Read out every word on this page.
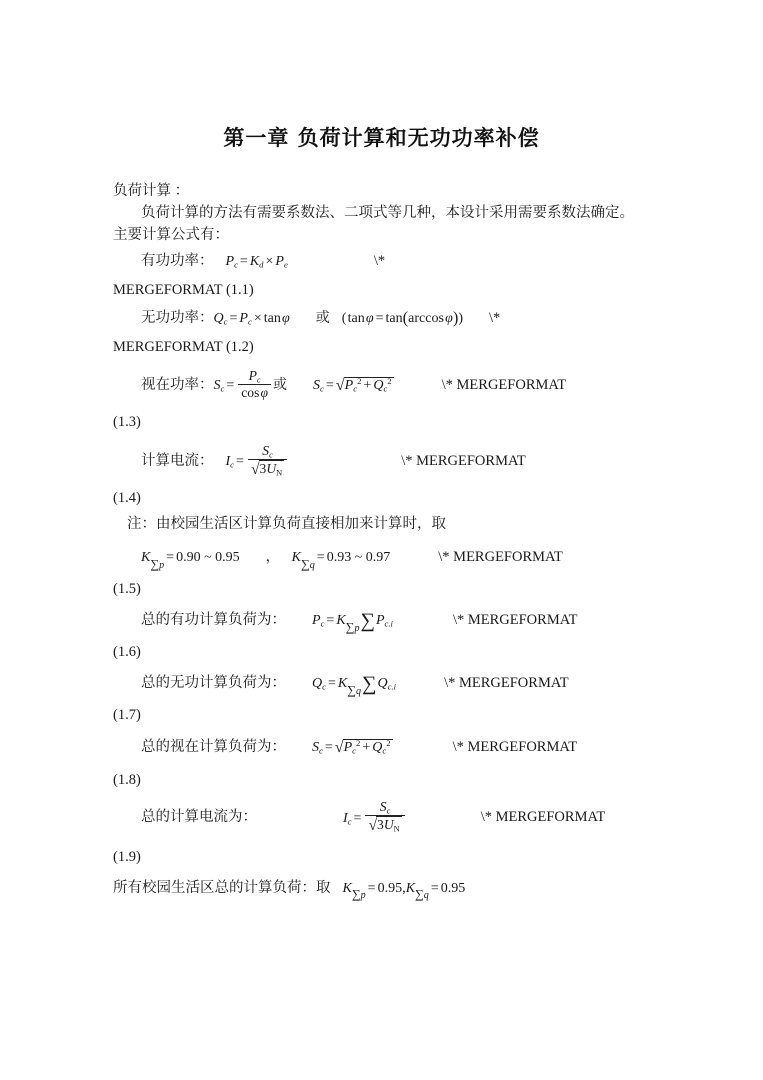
第一章 负荷计算和无功功率补偿

负荷计算 ：

负荷计算的方法有需要系数法、二项式等几种，本设计采用需要系数法确定。

主要计算公式有：

有功功率： $P_c = K_d \times P_e$	\*

MERGEFORMAT (1.1)

无功功率：$Q_c = P_c \times \tan$ φ 或 ( tan φ = tan(arccos φ)) \*

MERGEFORMAT (1.2)

视在功率：$S_c = \frac{P_c}{\text{cos φ}}$ 或 $S_c = √P_c^2 + Q_c^2$	\* MERGEFORMAT

(1.3)

计算电流： $I_c = \frac{S_c}{√3U_N}$	\* MERGEFORMAT

(1.4)

注：由校园生活区计算负荷直接相加来计算时，取

K∑p = 0.90 ~ 0.95 ， K∑q = 0.93 ~ 0.97	\* MERGEFORMAT

(1.5)

总的有功计算负荷为： $P_c = K\sum p\sum P_{c.i}$	\* MERGEFORMAT

(1.6)

总的无功计算负荷为： $Q_c = K\sum q\sum Q_{c.i}$	\* MERGEFORMAT

(1.7)

总的视在计算负荷为： $S_c = √P_c^2 + Q_c^2$	\* MERGEFORMAT

(1.8)

总的计算电流为：	$I_c = \frac{S_c}{√3U_N}$	\* MERGEFORMAT

(1.9)

所有校园生活区总的计算负荷：取 K∑p = 0.95,K∑q = 0.95
